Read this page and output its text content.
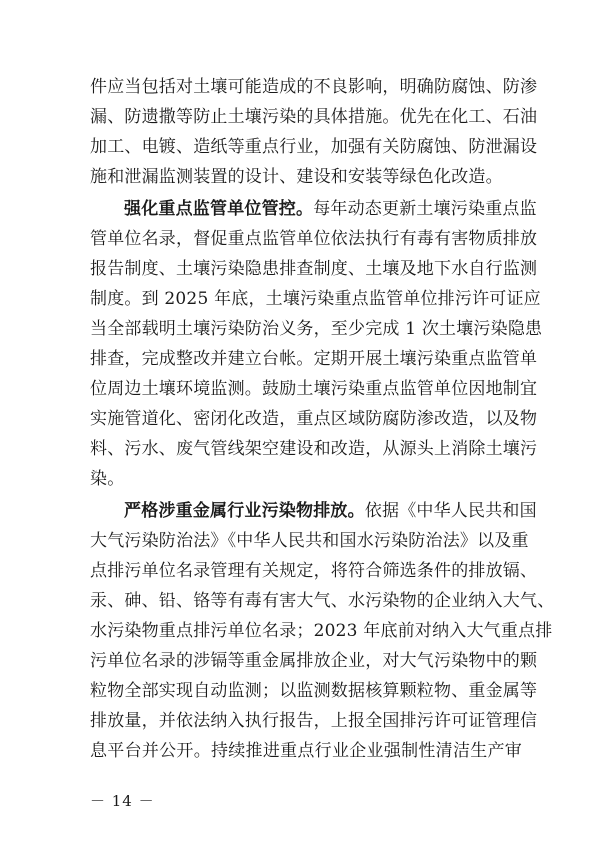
件应当包括对土壤可能造成的不良影响，明确防腐蚀、防渗
漏、防遗撒等防止土壤污染的具体措施。优先在化工、石油
加工、电镀、造纸等重点行业，加强有关防腐蚀、防泄漏设
施和泄漏监测装置的设计、建设和安装等绿色化改造。
强化重点监管单位管控。每年动态更新土壤污染重点监
管单位名录，督促重点监管单位依法执行有毒有害物质排放
报告制度、土壤污染隐患排查制度、土壤及地下水自行监测
制度。到 2025 年底，土壤污染重点监管单位排污许可证应
当全部载明土壤污染防治义务，至少完成 1 次土壤污染隐患
排查，完成整改并建立台帐。定期开展土壤污染重点监管单
位周边土壤环境监测。鼓励土壤污染重点监管单位因地制宜
实施管道化、密闭化改造，重点区域防腐防渗改造，以及物
料、污水、废气管线架空建设和改造，从源头上消除土壤污
染。
严格涉重金属行业污染物排放。依据《中华人民共和国
大气污染防治法》《中华人民共和国水污染防治法》以及重
点排污单位名录管理有关规定，将符合筛选条件的排放镉、
汞、砷、铅、铬等有毒有害大气、水污染物的企业纳入大气、
水污染物重点排污单位名录；2023 年底前对纳入大气重点排
污单位名录的涉镉等重金属排放企业，对大气污染物中的颗
粒物全部实现自动监测；以监测数据核算颗粒物、重金属等
排放量，并依法纳入执行报告，上报全国排污许可证管理信
息平台并公开。持续推进重点行业企业强制性清洁生产审
－ 14 －
